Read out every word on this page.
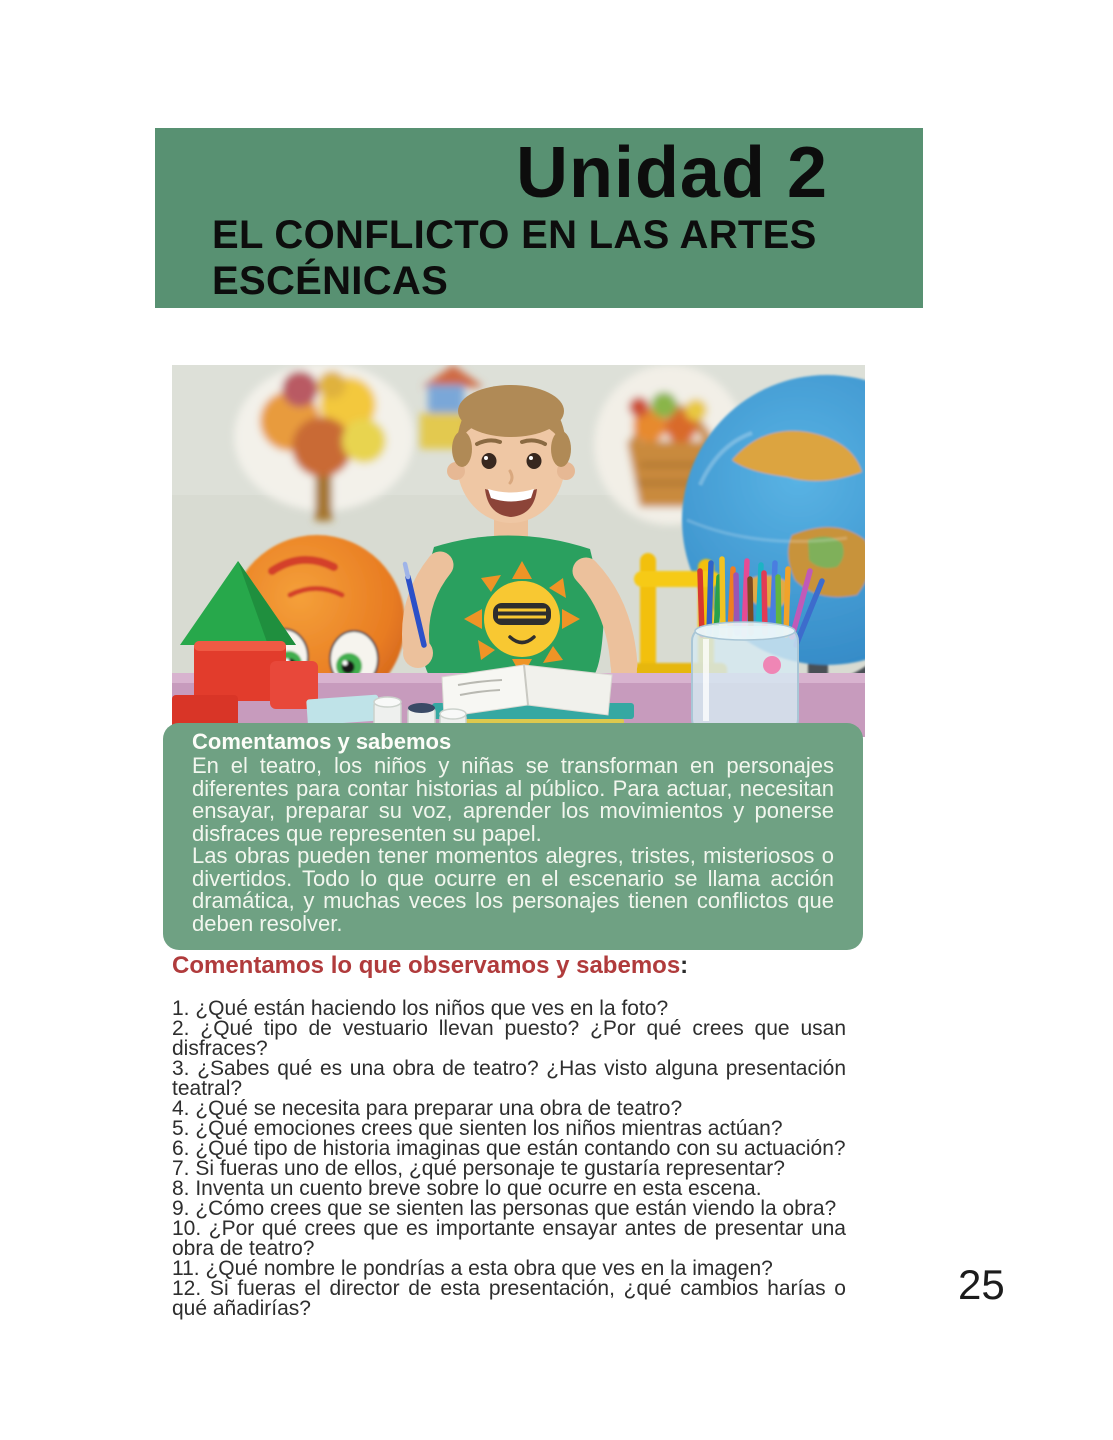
Unidad 2
EL CONFLICTO EN LAS ARTES ESCÉNICAS
Comentamos y sabemos

En el teatro, los niños y niñas se transforman en personajes diferentes para contar historias al público. Para actuar, necesitan ensayar, preparar su voz, aprender los movimientos y ponerse disfraces que representen su papel.

Las obras pueden tener momentos alegres, tristes, misteriosos o divertidos. Todo lo que ocurre en el escenario se llama acción dramática, y muchas veces los personajes tienen conflictos que deben resolver.

Comentamos lo que observamos y sabemos:
1. ¿Qué están haciendo los niños que ves en la foto?
2. ¿Qué tipo de vestuario llevan puesto? ¿Por qué crees que usan disfraces?
3. ¿Sabes qué es una obra de teatro? ¿Has visto alguna presentación teatral?
4. ¿Qué se necesita para preparar una obra de teatro?
5. ¿Qué emociones crees que sienten los niños mientras actúan?
6. ¿Qué tipo de historia imaginas que están contando con su actuación?
7. Si fueras uno de ellos, ¿qué personaje te gustaría representar?
8. Inventa un cuento breve sobre lo que ocurre en esta escena.
9. ¿Cómo crees que se sienten las personas que están viendo la obra?
10. ¿Por qué crees que es importante ensayar antes de presentar una obra de teatro?
11. ¿Qué nombre le pondrías a esta obra que ves en la imagen?
12. Si fueras el director de esta presentación, ¿qué cambios harías o qué añadirías?
25
